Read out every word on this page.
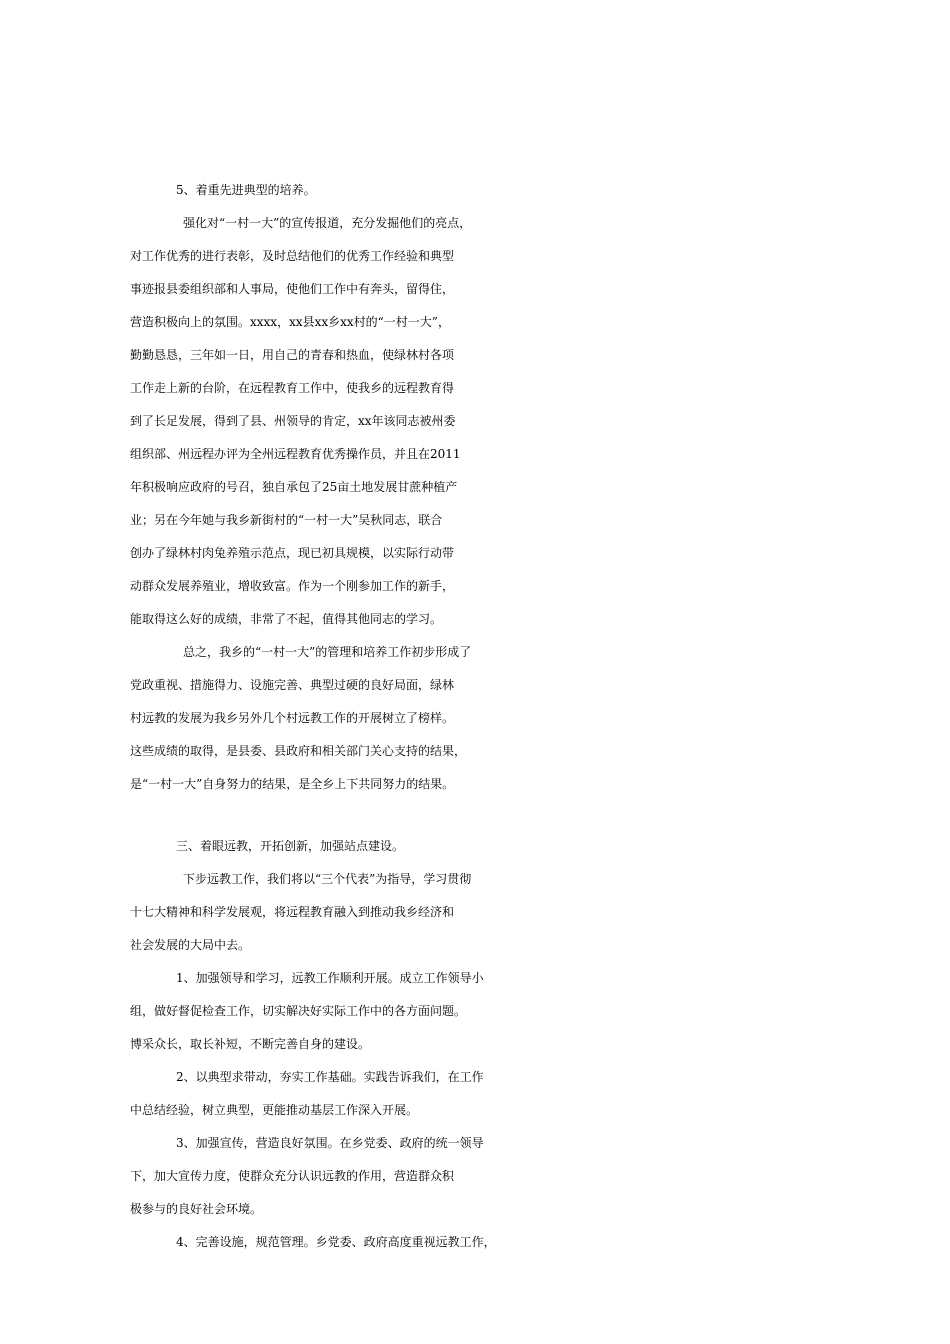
5、着重先进典型的培养。
强化对“一村一大”的宣传报道，充分发掘他们的亮点，
对工作优秀的进行表彰，及时总结他们的优秀工作经验和典型
事迹报县委组织部和人事局，使他们工作中有奔头，留得住，
营造积极向上的氛围。xxxx，xx县xx乡xx村的“一村一大”，
勤勤恳恳，三年如一日，用自己的青春和热血，使绿林村各项
工作走上新的台阶，在远程教育工作中，使我乡的远程教育得
到了长足发展，得到了县、州领导的肯定，xx年该同志被州委
组织部、州远程办评为全州远程教育优秀操作员，并且在2011
年积极响应政府的号召，独自承包了25亩土地发展甘蔗种植产
业；另在今年她与我乡新街村的“一村一大”吴秋同志，联合
创办了绿林村肉兔养殖示范点，现已初具规模，以实际行动带
动群众发展养殖业，增收致富。作为一个刚参加工作的新手，
能取得这么好的成绩，非常了不起，值得其他同志的学习。
总之，我乡的“一村一大”的管理和培养工作初步形成了
党政重视、措施得力、设施完善、典型过硬的良好局面，绿林
村远教的发展为我乡另外几个村远教工作的开展树立了榜样。
这些成绩的取得，是县委、县政府和相关部门关心支持的结果，
是“一村一大”自身努力的结果，是全乡上下共同努力的结果。
三、着眼远教，开拓创新，加强站点建设。
下步远教工作，我们将以“三个代表”为指导，学习贯彻
十七大精神和科学发展观，将远程教育融入到推动我乡经济和
社会发展的大局中去。
1、加强领导和学习，远教工作顺利开展。成立工作领导小
组，做好督促检查工作，切实解决好实际工作中的各方面问题。
博采众长，取长补短，不断完善自身的建设。
2、以典型求带动，夯实工作基础。实践告诉我们，在工作
中总结经验，树立典型，更能推动基层工作深入开展。
3、加强宣传，营造良好氛围。在乡党委、政府的统一领导
下，加大宣传力度，使群众充分认识远教的作用，营造群众积
极参与的良好社会环境。
4、完善设施，规范管理。乡党委、政府高度重视远教工作，
